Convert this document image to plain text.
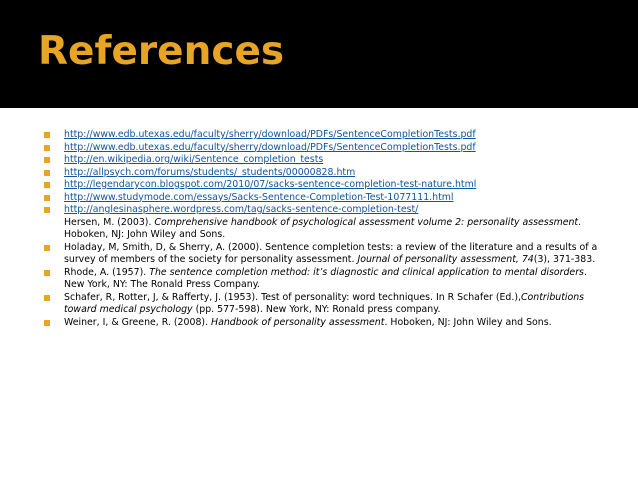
References
http://www.edb.utexas.edu/faculty/sherry/download/PDFs/SentenceCompletionTests.pdf
http://www.edb.utexas.edu/faculty/sherry/download/PDFs/SentenceCompletionTests.pdf
http://en.wikipedia.org/wiki/Sentence_completion_tests
http://allpsych.com/forums/students/_students/00000828.htm
http://legendarycon.blogspot.com/2010/07/sacks-sentence-completion-test-nature.html
http://www.studymode.com/essays/Sacks-Sentence-Completion-Test-1077111.html
http://anglesinasphere.wordpress.com/tag/sacks-sentence-completion-test/
Hersen, M. (2003). Comprehensive handbook of psychological assessment volume 2: personality assessment. Hoboken, NJ: John Wiley and Sons.
Holaday, M, Smith, D, & Sherry, A. (2000). Sentence completion tests: a review of the literature and a results of a survey of members of the society for personality assessment. Journal of personality assessment, 74(3), 371-383.
Rhode, A. (1957). The sentence completion method: it’s diagnostic and clinical application to mental disorders. New York, NY: The Ronald Press Company.
Schafer, R, Rotter, J, & Rafferty, J. (1953). Test of personality: word techniques. In R Schafer (Ed.),Contributions toward medical psychology (pp. 577-598). New York, NY: Ronald press company.
Weiner, I, & Greene, R. (2008). Handbook of personality assessment. Hoboken, NJ: John Wiley and Sons.
